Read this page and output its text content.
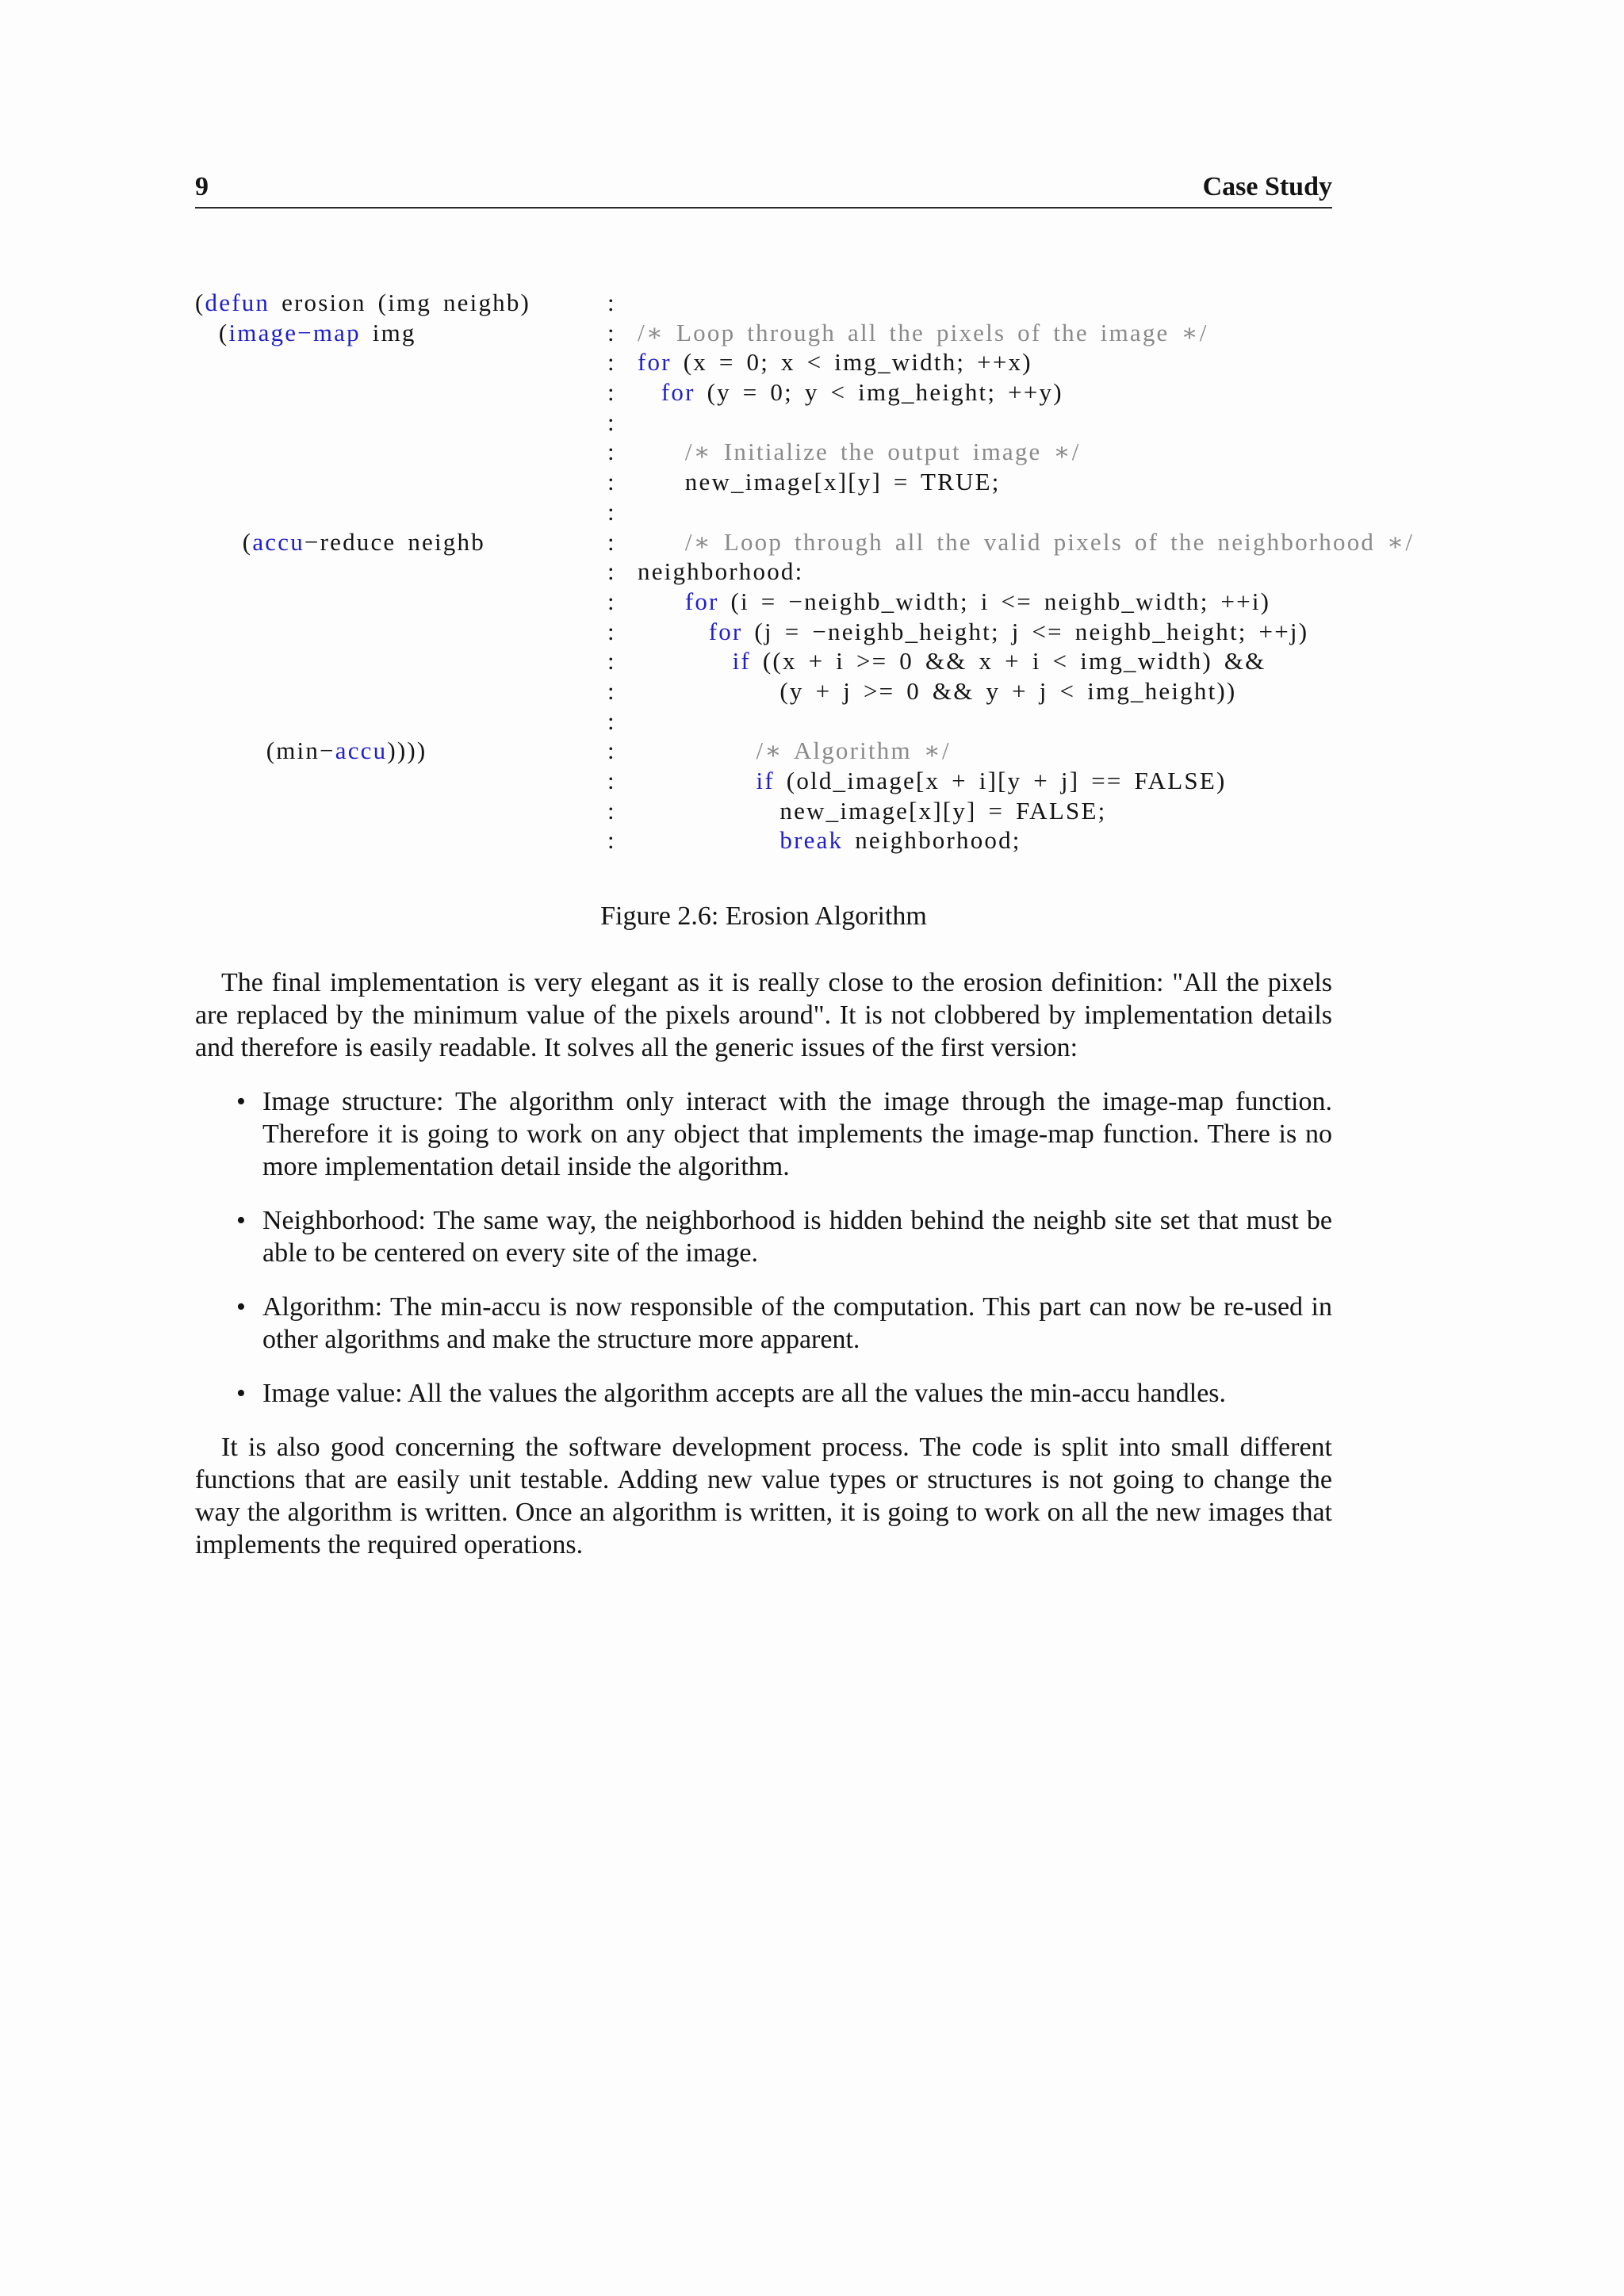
9	Case Study
(defun erosion (img neighb)	:
(image−map img	: /∗ Loop through all the pixels of the image ∗/
: for (x = 0; x < img_width; ++x)
:	for (y = 0; y < img_height; ++y)
:
:	/∗ Initialize the output image ∗/
: new_image[x][y] = TRUE;
:
(accu−reduce neighb	:	/∗ Loop through all the valid pixels of the neighborhood ∗/
: neighborhood:
:	for (i = −neighb_width; i <= neighb_width; ++i)
:	for (j = −neighb_height; j <= neighb_height; ++j)
:	if ((x + i >= 0 && x + i < img_width) &&
: (y + j >= 0 && y + j < img_height))
:
(min−accu))))	:	/∗ Algorithm ∗/
:	if (old_image[x + i][y + j] == FALSE)
: new_image[x][y] = FALSE;
:	break neighborhood;
Figure 2.6: Erosion Algorithm

The final implementation is very elegant as it is really close to the erosion definition: "All the pixels are replaced by the minimum value of the pixels around". It is not clobbered by implementation details and therefore is easily readable. It solves all the generic issues of the first version:

• Image structure: The algorithm only interact with the image through the image-map function. Therefore it is going to work on any object that implements the image-map function. There is no more implementation detail inside the algorithm.
• Neighborhood: The same way, the neighborhood is hidden behind the neighb site set that must be able to be centered on every site of the image.
• Algorithm: The min-accu is now responsible of the computation. This part can now be re-used in other algorithms and make the structure more apparent.
• Image value: All the values the algorithm accepts are all the values the min-accu handles.

It is also good concerning the software development process. The code is split into small different functions that are easily unit testable. Adding new value types or structures is not going to change the way the algorithm is written. Once an algorithm is written, it is going to work on all the new images that implements the required operations.
